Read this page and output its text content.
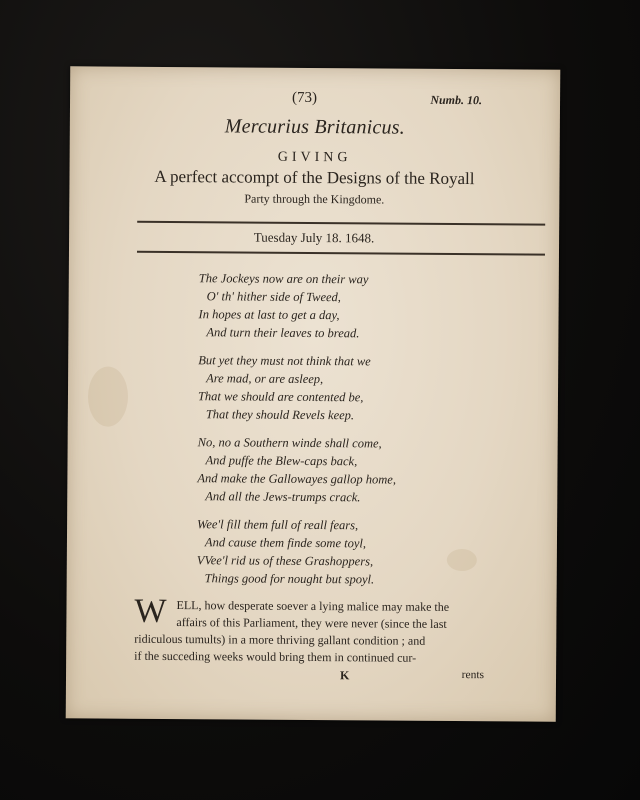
(73)	Numb. 10.
Mercurius Britanicus.
GIVING
A perfect accompt of the Designs of the Royall
Party through the Kingdome.
Tuesday July 18. 1648.
The Jockeys now are on their way
O' th' hither side of Tweed,
In hopes at last to get a day,
And turn their leaves to bread.
But yet they must not think that we
Are mad, or are asleep,
That we should are contented be,
That they should Revels keep.
No, no a Southern winde shall come,
And puffe the Blew-caps back,
And make the Gallowayes gallop home,
And all the Jews-trumps crack.
Wee'l fill them full of reall fears,
And cause them finde some toyl,
VVee'l rid us of these Grashoppers,
Things good for nought but spoyl.
W ELL, how desperate soever a lying malice may make the
affairs of this Parliament, they were never (since the last
ridiculous tumults) in a more thriving gallant condition ; and
if the succeding weeks would bring them in continued cur-
K	rents
